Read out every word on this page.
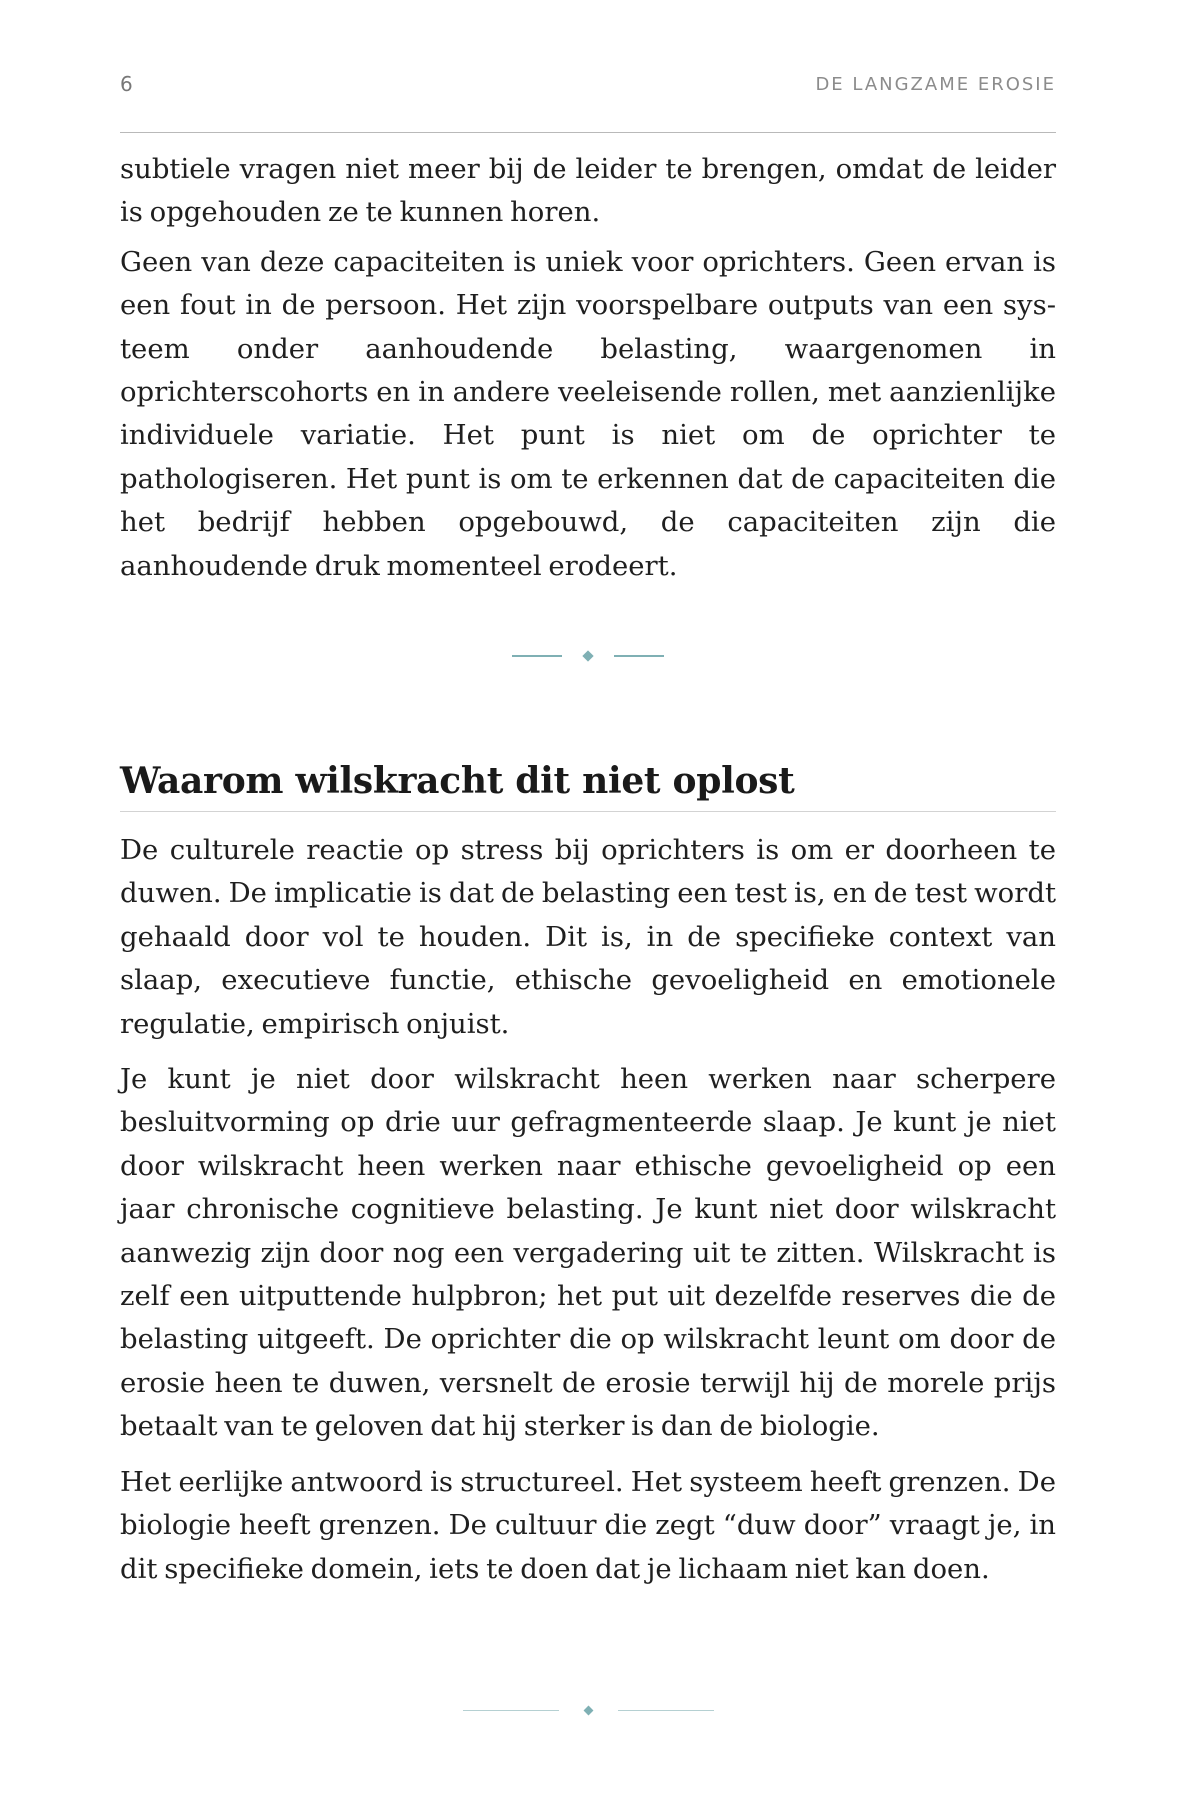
6	DE LANGZAME EROSIE

subtiele vragen niet meer bij de leider te brengen, omdat de leider is opgehouden ze te kunnen horen.

Geen van deze capaciteiten is uniek voor oprichters. Geen ervan is een fout in de persoon. Het zijn voorspelbare outputs van een systeem onder aanhoudende belasting, waargenomen in oprichterscohorts en in andere veeleisende rollen, met aanzienlijke individuele variatie. Het punt is niet om de oprichter te pathologiseren. Het punt is om te erkennen dat de capaciteiten die het bedrijf hebben opgebouwd, de capaciteiten zijn die aanhoudende druk momenteel erodeert.

Waarom wilskracht dit niet oplost

De culturele reactie op stress bij oprichters is om er doorheen te duwen. De implicatie is dat de belasting een test is, en de test wordt gehaald door vol te houden. Dit is, in de specifieke context van slaap, executieve functie, ethische gevoeligheid en emotionele regulatie, empirisch onjuist.

Je kunt je niet door wilskracht heen werken naar scherpere besluitvorming op drie uur gefragmenteerde slaap. Je kunt je niet door wilskracht heen werken naar ethische gevoeligheid op een jaar chronische cognitieve belasting. Je kunt niet door wilskracht aanwezig zijn door nog een vergadering uit te zitten. Wilskracht is zelf een uitputtende hulpbron; het put uit dezelfde reserves die de belasting uitgeeft. De oprichter die op wilskracht leunt om door de erosie heen te duwen, versnelt de erosie terwijl hij de morele prijs betaalt van te geloven dat hij sterker is dan de biologie.

Het eerlijke antwoord is structureel. Het systeem heeft grenzen. De biologie heeft grenzen. De cultuur die zegt “duw door” vraagt je, in dit specifieke domein, iets te doen dat je lichaam niet kan doen.
